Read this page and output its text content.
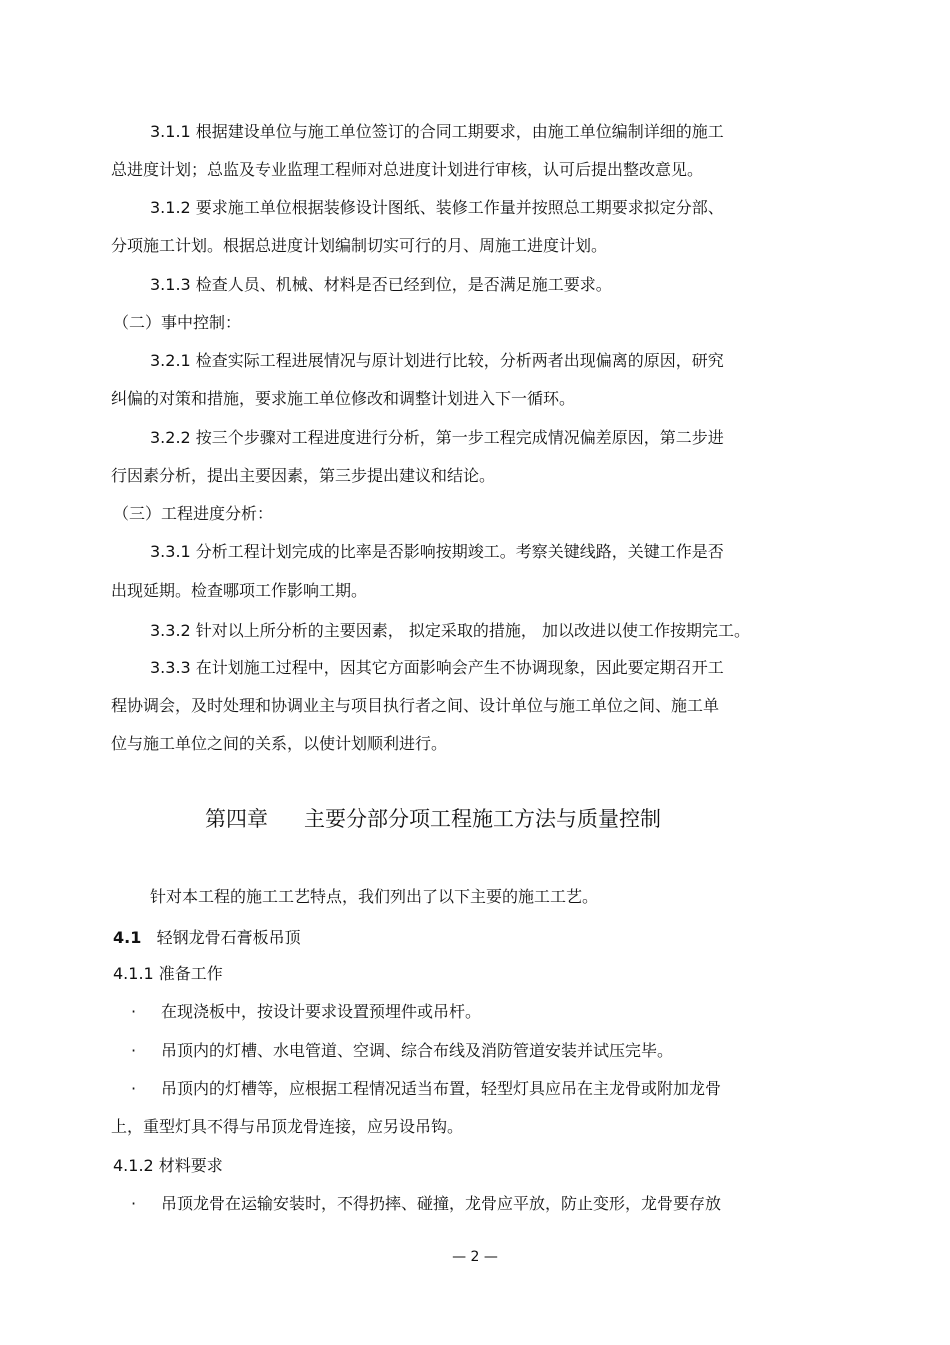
3.1.1 根据建设单位与施工单位签订的合同工期要求，由施工单位编制详细的施工
总进度计划；总监及专业监理工程师对总进度计划进行审核，认可后提出整改意见。
3.1.2 要求施工单位根据装修设计图纸、装修工作量并按照总工期要求拟定分部、
分项施工计划。根据总进度计划编制切实可行的月、周施工进度计划。
3.1.3 检查人员、机械、材料是否已经到位，是否满足施工要求。
（二）事中控制：
3.2.1 检查实际工程进展情况与原计划进行比较，分析两者出现偏离的原因，研究
纠偏的对策和措施，要求施工单位修改和调整计划进入下一循环。
3.2.2 按三个步骤对工程进度进行分析，第一步工程完成情况偏差原因，第二步进
行因素分析，提出主要因素，第三步提出建议和结论。
（三）工程进度分析：
3.3.1 分析工程计划完成的比率是否影响按期竣工。考察关键线路，关键工作是否
出现延期。检查哪项工作影响工期。
3.3.2 针对以上所分析的主要因素， 拟定采取的措施， 加以改进以使工作按期完工。
3.3.3 在计划施工过程中，因其它方面影响会产生不协调现象，因此要定期召开工
程协调会，及时处理和协调业主与项目执行者之间、设计单位与施工单位之间、施工单
位与施工单位之间的关系，以使计划顺利进行。
第四章 主要分部分项工程施工方法与质量控制
针对本工程的施工工艺特点，我们列出了以下主要的施工工艺。
4.1 轻钢龙骨石膏板吊顶
4.1.1 准备工作
· 在现浇板中，按设计要求设置预埋件或吊杆。
· 吊顶内的灯槽、水电管道、空调、综合布线及消防管道安装并试压完毕。
· 吊顶内的灯槽等，应根据工程情况适当布置，轻型灯具应吊在主龙骨或附加龙骨
上，重型灯具不得与吊顶龙骨连接，应另设吊钩。
4.1.2 材料要求
· 吊顶龙骨在运输安装时，不得扔摔、碰撞，龙骨应平放，防止变形，龙骨要存放
— 2 —
